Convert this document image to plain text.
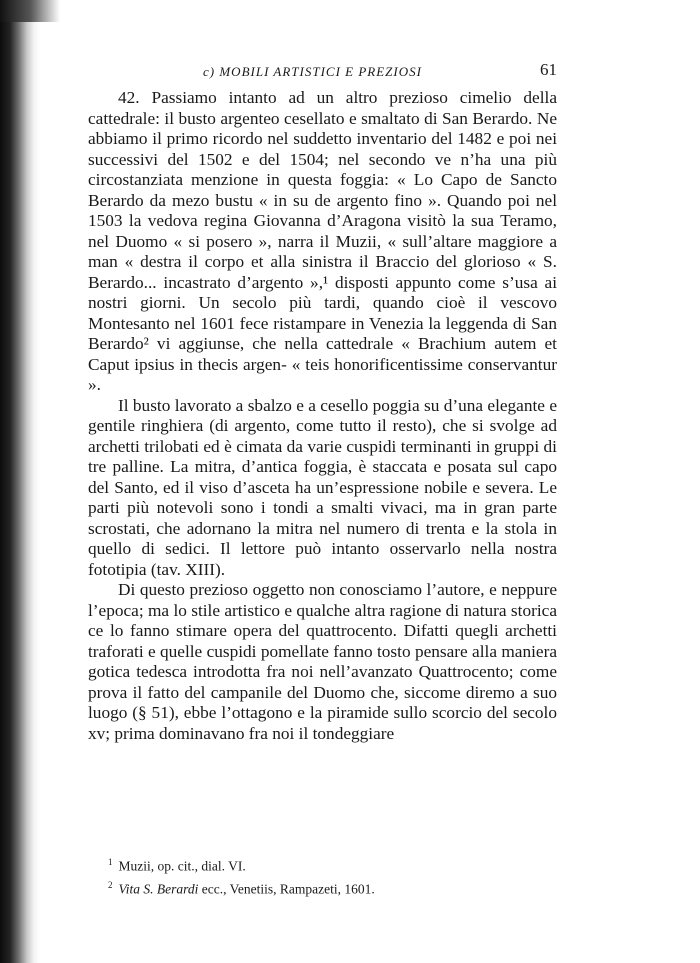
c) MOBILI ARTISTICI E PREZIOSI	61

42. Passiamo intanto ad un altro prezioso cimelio della cattedrale: il busto argenteo cesellato e smaltato di San Berardo. Ne abbiamo il primo ricordo nel suddetto inventario del 1482 e poi nei successivi del 1502 e del 1504; nel secondo ve n’ha una più circostanziata menzione in questa foggia: « Lo Capo de Sancto Berardo da mezo bustu « in su de argento fino ». Quando poi nel 1503 la vedova regina Giovanna d’Aragona visitò la sua Teramo, nel Duomo « si posero », narra il Muzii, « sull’altare maggiore a man « destra il corpo et alla sinistra il Braccio del glorioso « S. Berardo... incastrato d’argento »,¹ disposti appunto come s’usa ai nostri giorni. Un secolo più tardi, quando cioè il vescovo Montesanto nel 1601 fece ristampare in Venezia la leggenda di San Berardo² vi aggiunse, che nella cattedrale « Brachium autem et Caput ipsius in thecis argen- « teis honorificentissime conservantur ».

Il busto lavorato a sbalzo e a cesello poggia su d’una elegante e gentile ringhiera (di argento, come tutto il resto), che si svolge ad archetti trilobati ed è cimata da varie cuspidi terminanti in gruppi di tre palline. La mitra, d’antica foggia, è staccata e posata sul capo del Santo, ed il viso d’asceta ha un’espressione nobile e severa. Le parti più notevoli sono i tondi a smalti vivaci, ma in gran parte scrostati, che adornano la mitra nel numero di trenta e la stola in quello di sedici. Il lettore può intanto osservarlo nella nostra fototipia (tav. XIII).

Di questo prezioso oggetto non conosciamo l’autore, e neppure l’epoca; ma lo stile artistico e qualche altra ragione di natura storica ce lo fanno stimare opera del quattrocento. Difatti quegli archetti traforati e quelle cuspidi pomellate fanno tosto pensare alla maniera gotica tedesca introdotta fra noi nell’avanzato Quattrocento; come prova il fatto del campanile del Duomo che, siccome diremo a suo luogo (§ 51), ebbe l’ottagono e la piramide sullo scorcio del secolo xv; prima dominavano fra noi il tondeggiare

$^1$ Muzii, op. cit., dial. VI.

$^2$ Vita S. Berardi ecc., Venetiis, Rampazeti, 1601.
